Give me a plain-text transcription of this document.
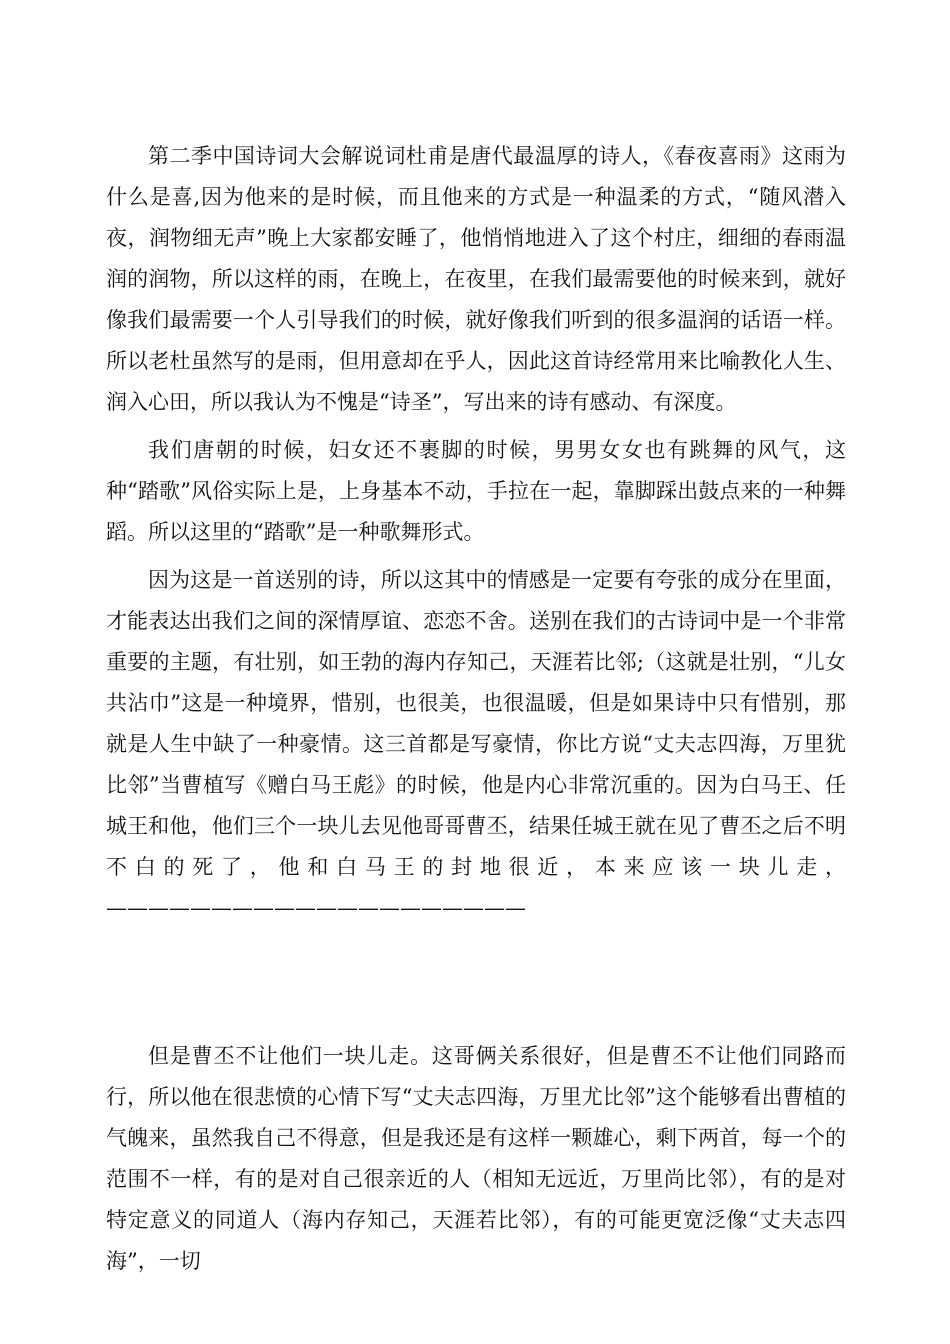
第二季中国诗词大会解说词杜甫是唐代最温厚的诗人，《春夜喜雨》这雨为什么是喜,因为他来的是时候，而且他来的方式是一种温柔的方式，“随风潜入夜，润物细无声”晚上大家都安睡了，他悄悄地进入了这个村庄，细细的春雨温润的润物，所以这样的雨，在晚上，在夜里，在我们最需要他的时候来到，就好像我们最需要一个人引导我们的时候，就好像我们听到的很多温润的话语一样。所以老杜虽然写的是雨，但用意却在乎人，因此这首诗经常用来比喻教化人生、润入心田，所以我认为不愧是“诗圣”，写出来的诗有感动、有深度。

我们唐朝的时候，妇女还不裹脚的时候，男男女女也有跳舞的风气，这种“踏歌”风俗实际上是，上身基本不动，手拉在一起，靠脚踩出鼓点来的一种舞蹈。所以这里的“踏歌”是一种歌舞形式。

因为这是一首送别的诗，所以这其中的情感是一定要有夸张的成分在里面，才能表达出我们之间的深情厚谊、恋恋不舍。送别在我们的古诗词中是一个非常重要的主题，有壮别，如王勃的海内存知己，天涯若比邻;（这就是壮别，“儿女共沾巾”这是一种境界，惜别，也很美，也很温暖，但是如果诗中只有惜别，那就是人生中缺了一种豪情。这三首都是写豪情，你比方说“丈夫志四海，万里犹比邻”当曹植写《赠白马王彪》的时候，他是内心非常沉重的。因为白马王、任城王和他，他们三个一块儿去见他哥哥曹丕，结果任城王就在见了曹丕之后不明不白的死了，他和白马王的封地很近，本来应该一块儿走，————————————————————

但是曹丕不让他们一块儿走。这哥俩关系很好，但是曹丕不让他们同路而行，所以他在很悲愤的心情下写“丈夫志四海，万里尤比邻”这个能够看出曹植的气魄来，虽然我自己不得意，但是我还是有这样一颗雄心，剩下两首，每一个的范围不一样，有的是对自己很亲近的人（相知无远近，万里尚比邻），有的是对特定意义的同道人（海内存知己，天涯若比邻），有的可能更宽泛像“丈夫志四海”，一切
